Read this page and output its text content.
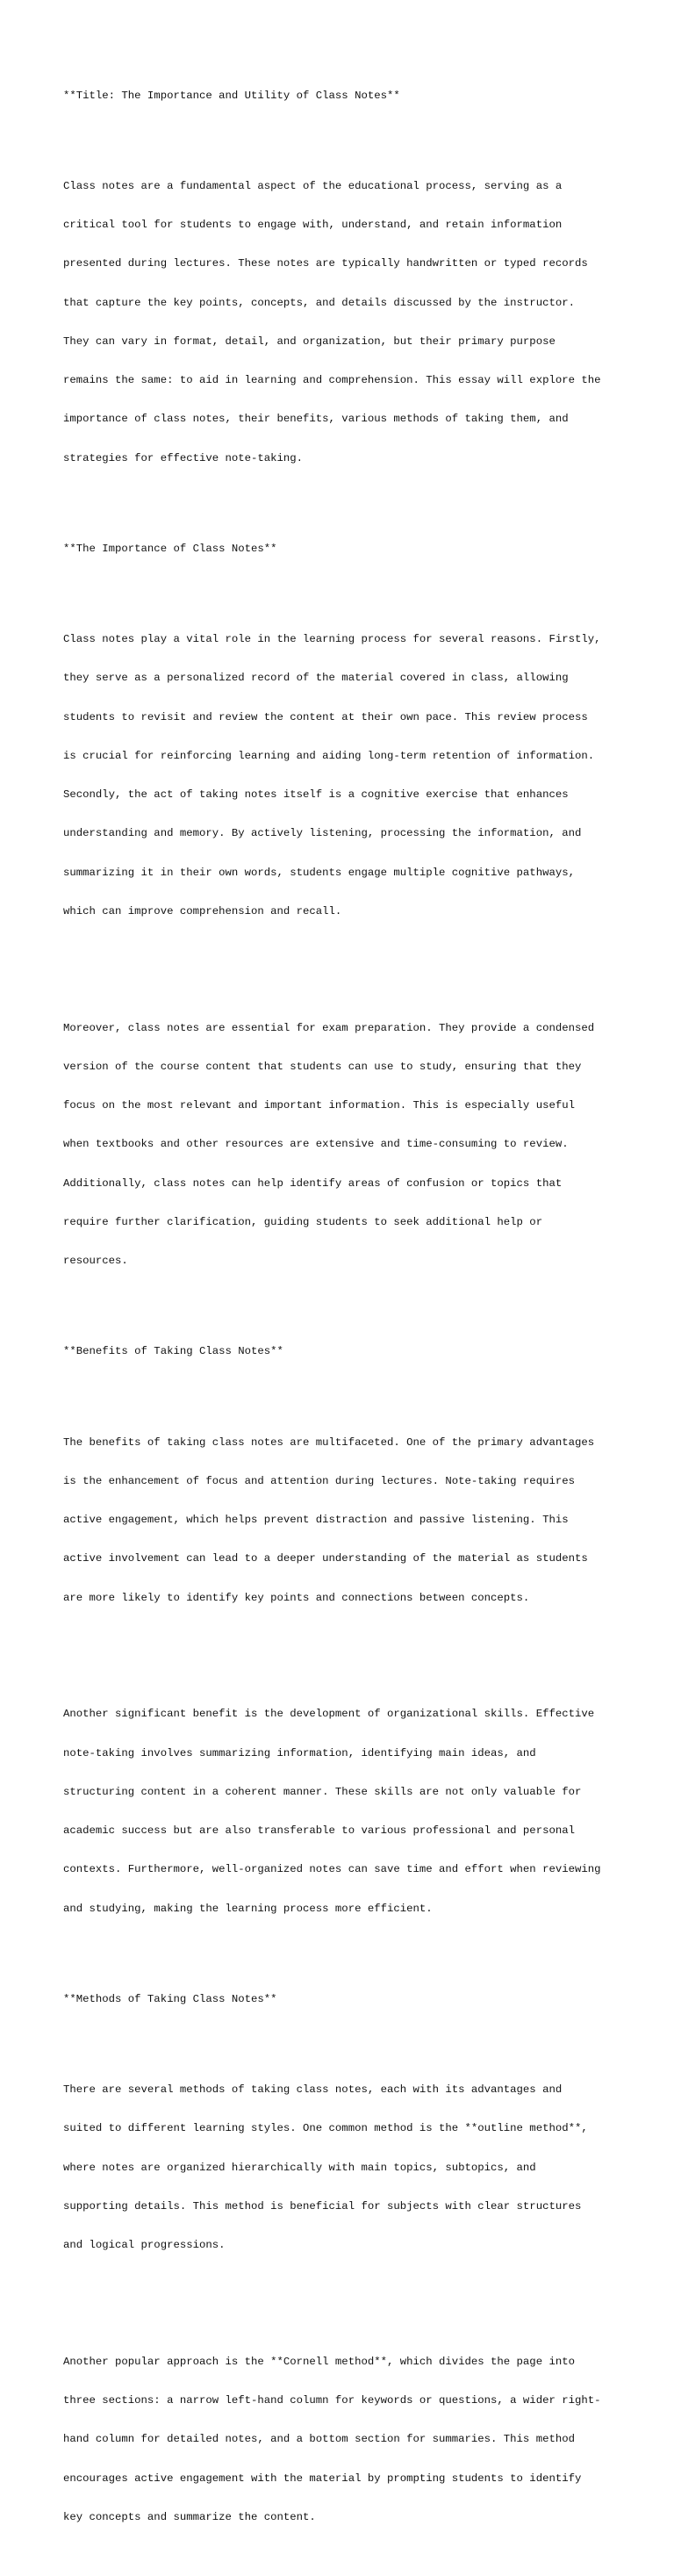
**Title: The Importance and Utility of Class Notes**

Class notes are a fundamental aspect of the educational process, serving as a

critical tool for students to engage with, understand, and retain information

presented during lectures. These notes are typically handwritten or typed records

that capture the key points, concepts, and details discussed by the instructor.

They can vary in format, detail, and organization, but their primary purpose

remains the same: to aid in learning and comprehension. This essay will explore the

importance of class notes, their benefits, various methods of taking them, and

strategies for effective note-taking.

**The Importance of Class Notes**

Class notes play a vital role in the learning process for several reasons. Firstly,

they serve as a personalized record of the material covered in class, allowing

students to revisit and review the content at their own pace. This review process

is crucial for reinforcing learning and aiding long-term retention of information.

Secondly, the act of taking notes itself is a cognitive exercise that enhances

understanding and memory. By actively listening, processing the information, and

summarizing it in their own words, students engage multiple cognitive pathways,

which can improve comprehension and recall.

Moreover, class notes are essential for exam preparation. They provide a condensed

version of the course content that students can use to study, ensuring that they

focus on the most relevant and important information. This is especially useful

when textbooks and other resources are extensive and time-consuming to review.

Additionally, class notes can help identify areas of confusion or topics that

require further clarification, guiding students to seek additional help or

resources.

**Benefits of Taking Class Notes**

The benefits of taking class notes are multifaceted. One of the primary advantages

is the enhancement of focus and attention during lectures. Note-taking requires

active engagement, which helps prevent distraction and passive listening. This

active involvement can lead to a deeper understanding of the material as students

are more likely to identify key points and connections between concepts.

Another significant benefit is the development of organizational skills. Effective

note-taking involves summarizing information, identifying main ideas, and

structuring content in a coherent manner. These skills are not only valuable for

academic success but are also transferable to various professional and personal

contexts. Furthermore, well-organized notes can save time and effort when reviewing

and studying, making the learning process more efficient.

**Methods of Taking Class Notes**

There are several methods of taking class notes, each with its advantages and

suited to different learning styles. One common method is the **outline method**,

where notes are organized hierarchically with main topics, subtopics, and

supporting details. This method is beneficial for subjects with clear structures

and logical progressions.

Another popular approach is the **Cornell method**, which divides the page into

three sections: a narrow left-hand column for keywords or questions, a wider right-

hand column for detailed notes, and a bottom section for summaries. This method

encourages active engagement with the material by prompting students to identify

key concepts and summarize the content.
